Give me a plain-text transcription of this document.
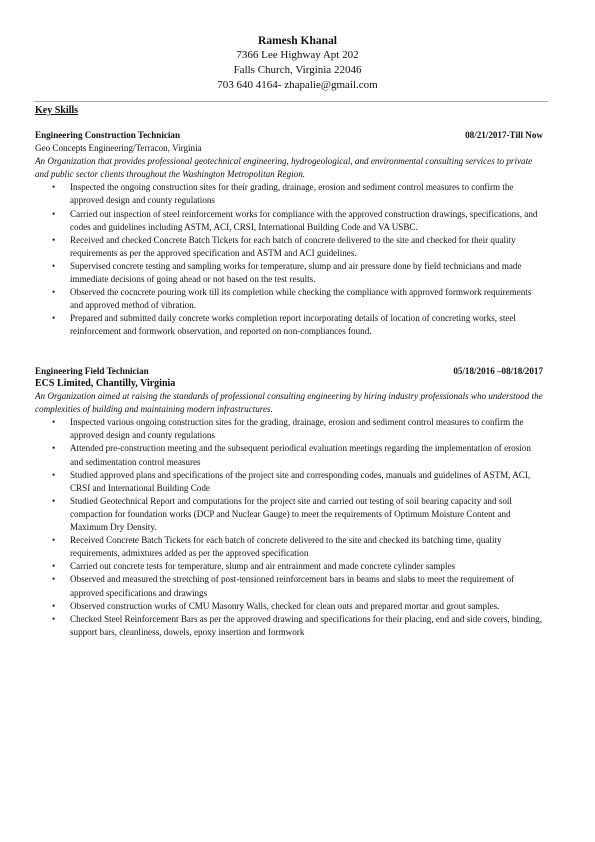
Ramesh Khanal
7366 Lee Highway Apt 202
Falls Church, Virginia 22046
703 640 4164- zhapalie@gmail.com
Key Skills
Engineering Construction Technician	08/21/2017-Till Now
Geo Concepts Engineering/Terracon, Virginia
An Organization that provides professional geotechnical engineering, hydrogeological, and environmental consulting services to private and public sector clients throughout the Washington Metropolitan Region.
• Inspected the ongoing construction sites for their grading, drainage, erosion and sediment control measures to confirm the approved design and county regulations
• Carried out inspection of steel reinforcement works for compliance with the approved construction drawings, specifications, and codes and guidelines including ASTM, ACI, CRSI, International Building Code and VA USBC.
• Received and checked Concrete Batch Tickets for each batch of concrete delivered to the site and checked for their quality requirements as per the approved specification and ASTM and ACI guidelines.
• Supervised concrete testing and sampling works for temperature, slump and air pressure done by field technicians and made immediate decisions of going ahead or not based on the test results.
• Observed the cocncrete pouring work till its completion while checking the compliance with approved formwork requirements and approved method of vibration.
• Prepared and submitted daily concrete works completion report incorporating details of location of concreting works, steel reinforcement and formwork observation, and reported on non-compliances found.
Engineering Field Technician	05/18/2016 –08/18/2017
ECS Limited, Chantilly, Virginia
An Organization aimed at raising the standards of professional consulting engineering by hiring industry professionals who understood the complexities of building and maintaining modern infrastructures.
• Inspected various ongoing construction sites for the grading, drainage, erosion and sediment control measures to confirm the approved design and county regulations
• Attended pre-construction meeting and the subsequent periodical evaluation meetings regarding the implementation of erosion and sedimentation control measures
• Studied approved plans and specifications of the project site and corresponding codes, manuals and guidelines of ASTM, ACI, CRSI and International Building Code
• Studied Geotechnical Report and computations for the project site and carried out testing of soil bearing capacity and soil compaction for foundation works (DCP and Nuclear Gauge) to meet the requirements of Optimum Moisture Content and Maximum Dry Density.
• Received Concrete Batch Tickets for each batch of concrete delivered to the site and checked its batching time, quality requirements, admixtures added as per the approved specification
• Carried out concrete tests for temperature, slump and air entrainment and made concrete cylinder samples
• Observed and measured the stretching of post-tensioned reinforcement bars in beams and slabs to meet the requirement of approved specifications and drawings
• Observed construction works of CMU Masonry Walls, checked for clean outs and prepared mortar and grout samples.
• Checked Steel Reinforcement Bars as per the approved drawing and specifications for their placing, end and side covers, binding, support bars, cleanliness, dowels, epoxy insertion and formwork
